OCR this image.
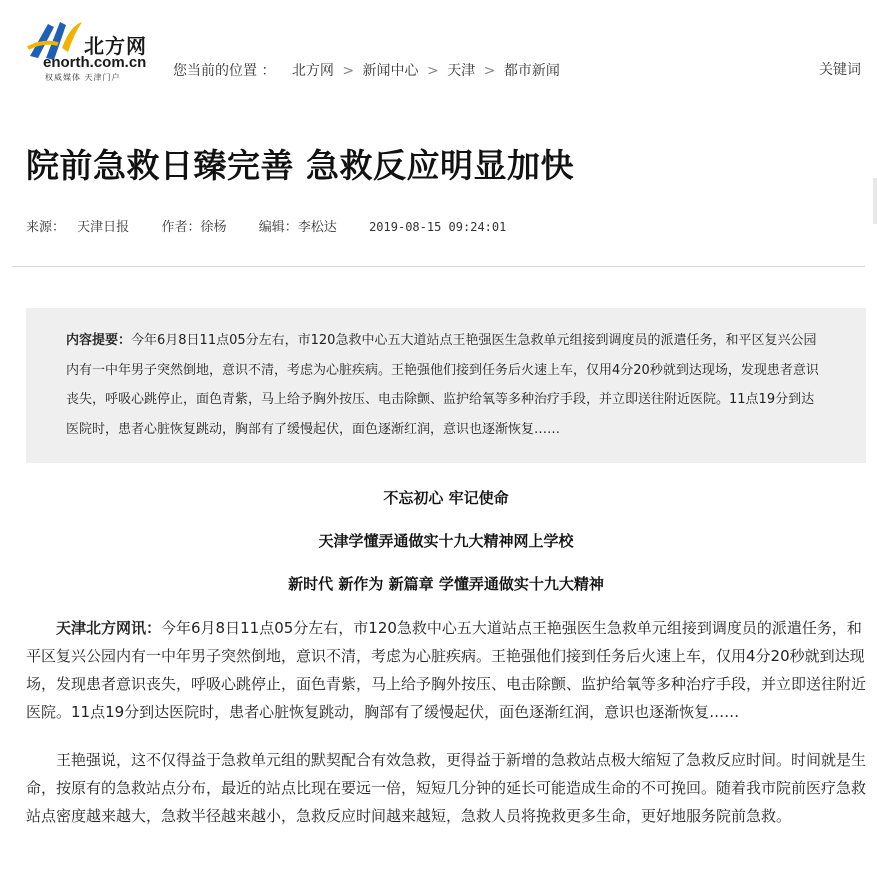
北方网
enorth.com.cn
权威媒体 天津门户	您当前的位置 ： 北方网 > 新闻中心 > 天津 > 都市新闻	关键词
院前急救日臻完善 急救反应明显加快
来源： 天津日报 作者：徐杨 编辑：李松达	2019-08-15 09:24:01
内容提要：今年6月8日11点05分左右，市120急救中心五大道站点王艳强医生急救单元组接到调度员的派遣任务，和平区复兴公园内有一中年男子突然倒地，意识不清，考虑为心脏疾病。王艳强他们接到任务后火速上车，仅用4分20秒就到达现场，发现患者意识丧失，呼吸心跳停止，面色青紫，马上给予胸外按压、电击除颤、监护给氧等多种治疗手段，并立即送往附近医院。11点19分到达医院时，患者心脏恢复跳动，胸部有了缓慢起伏，面色逐渐红润，意识也逐渐恢复……
不忘初心 牢记使命
天津学懂弄通做实十九大精神网上学校
新时代 新作为 新篇章 学懂弄通做实十九大精神

天津北方网讯：今年6月8日11点05分左右，市120急救中心五大道站点王艳强医生急救单元组接到调度员的派遣任务，和平区复兴公园内有一中年男子突然倒地，意识不清，考虑为心脏疾病。王艳强他们接到任务后火速上车，仅用4分20秒就到达现场，发现患者意识丧失，呼吸心跳停止，面色青紫，马上给予胸外按压、电击除颤、监护给氧等多种治疗手段，并立即送往附近医院。11点19分到达医院时，患者心脏恢复跳动，胸部有了缓慢起伏，面色逐渐红润，意识也逐渐恢复……

王艳强说，这不仅得益于急救单元组的默契配合有效急救，更得益于新增的急救站点极大缩短了急救反应时间。时间就是生命，按原有的急救站点分布，最近的站点比现在要远一倍，短短几分钟的延长可能造成生命的不可挽回。随着我市院前医疗急救站点密度越来越大，急救半径越来越小，急救反应时间越来越短，急救人员将挽救更多生命，更好地服务院前急救。
